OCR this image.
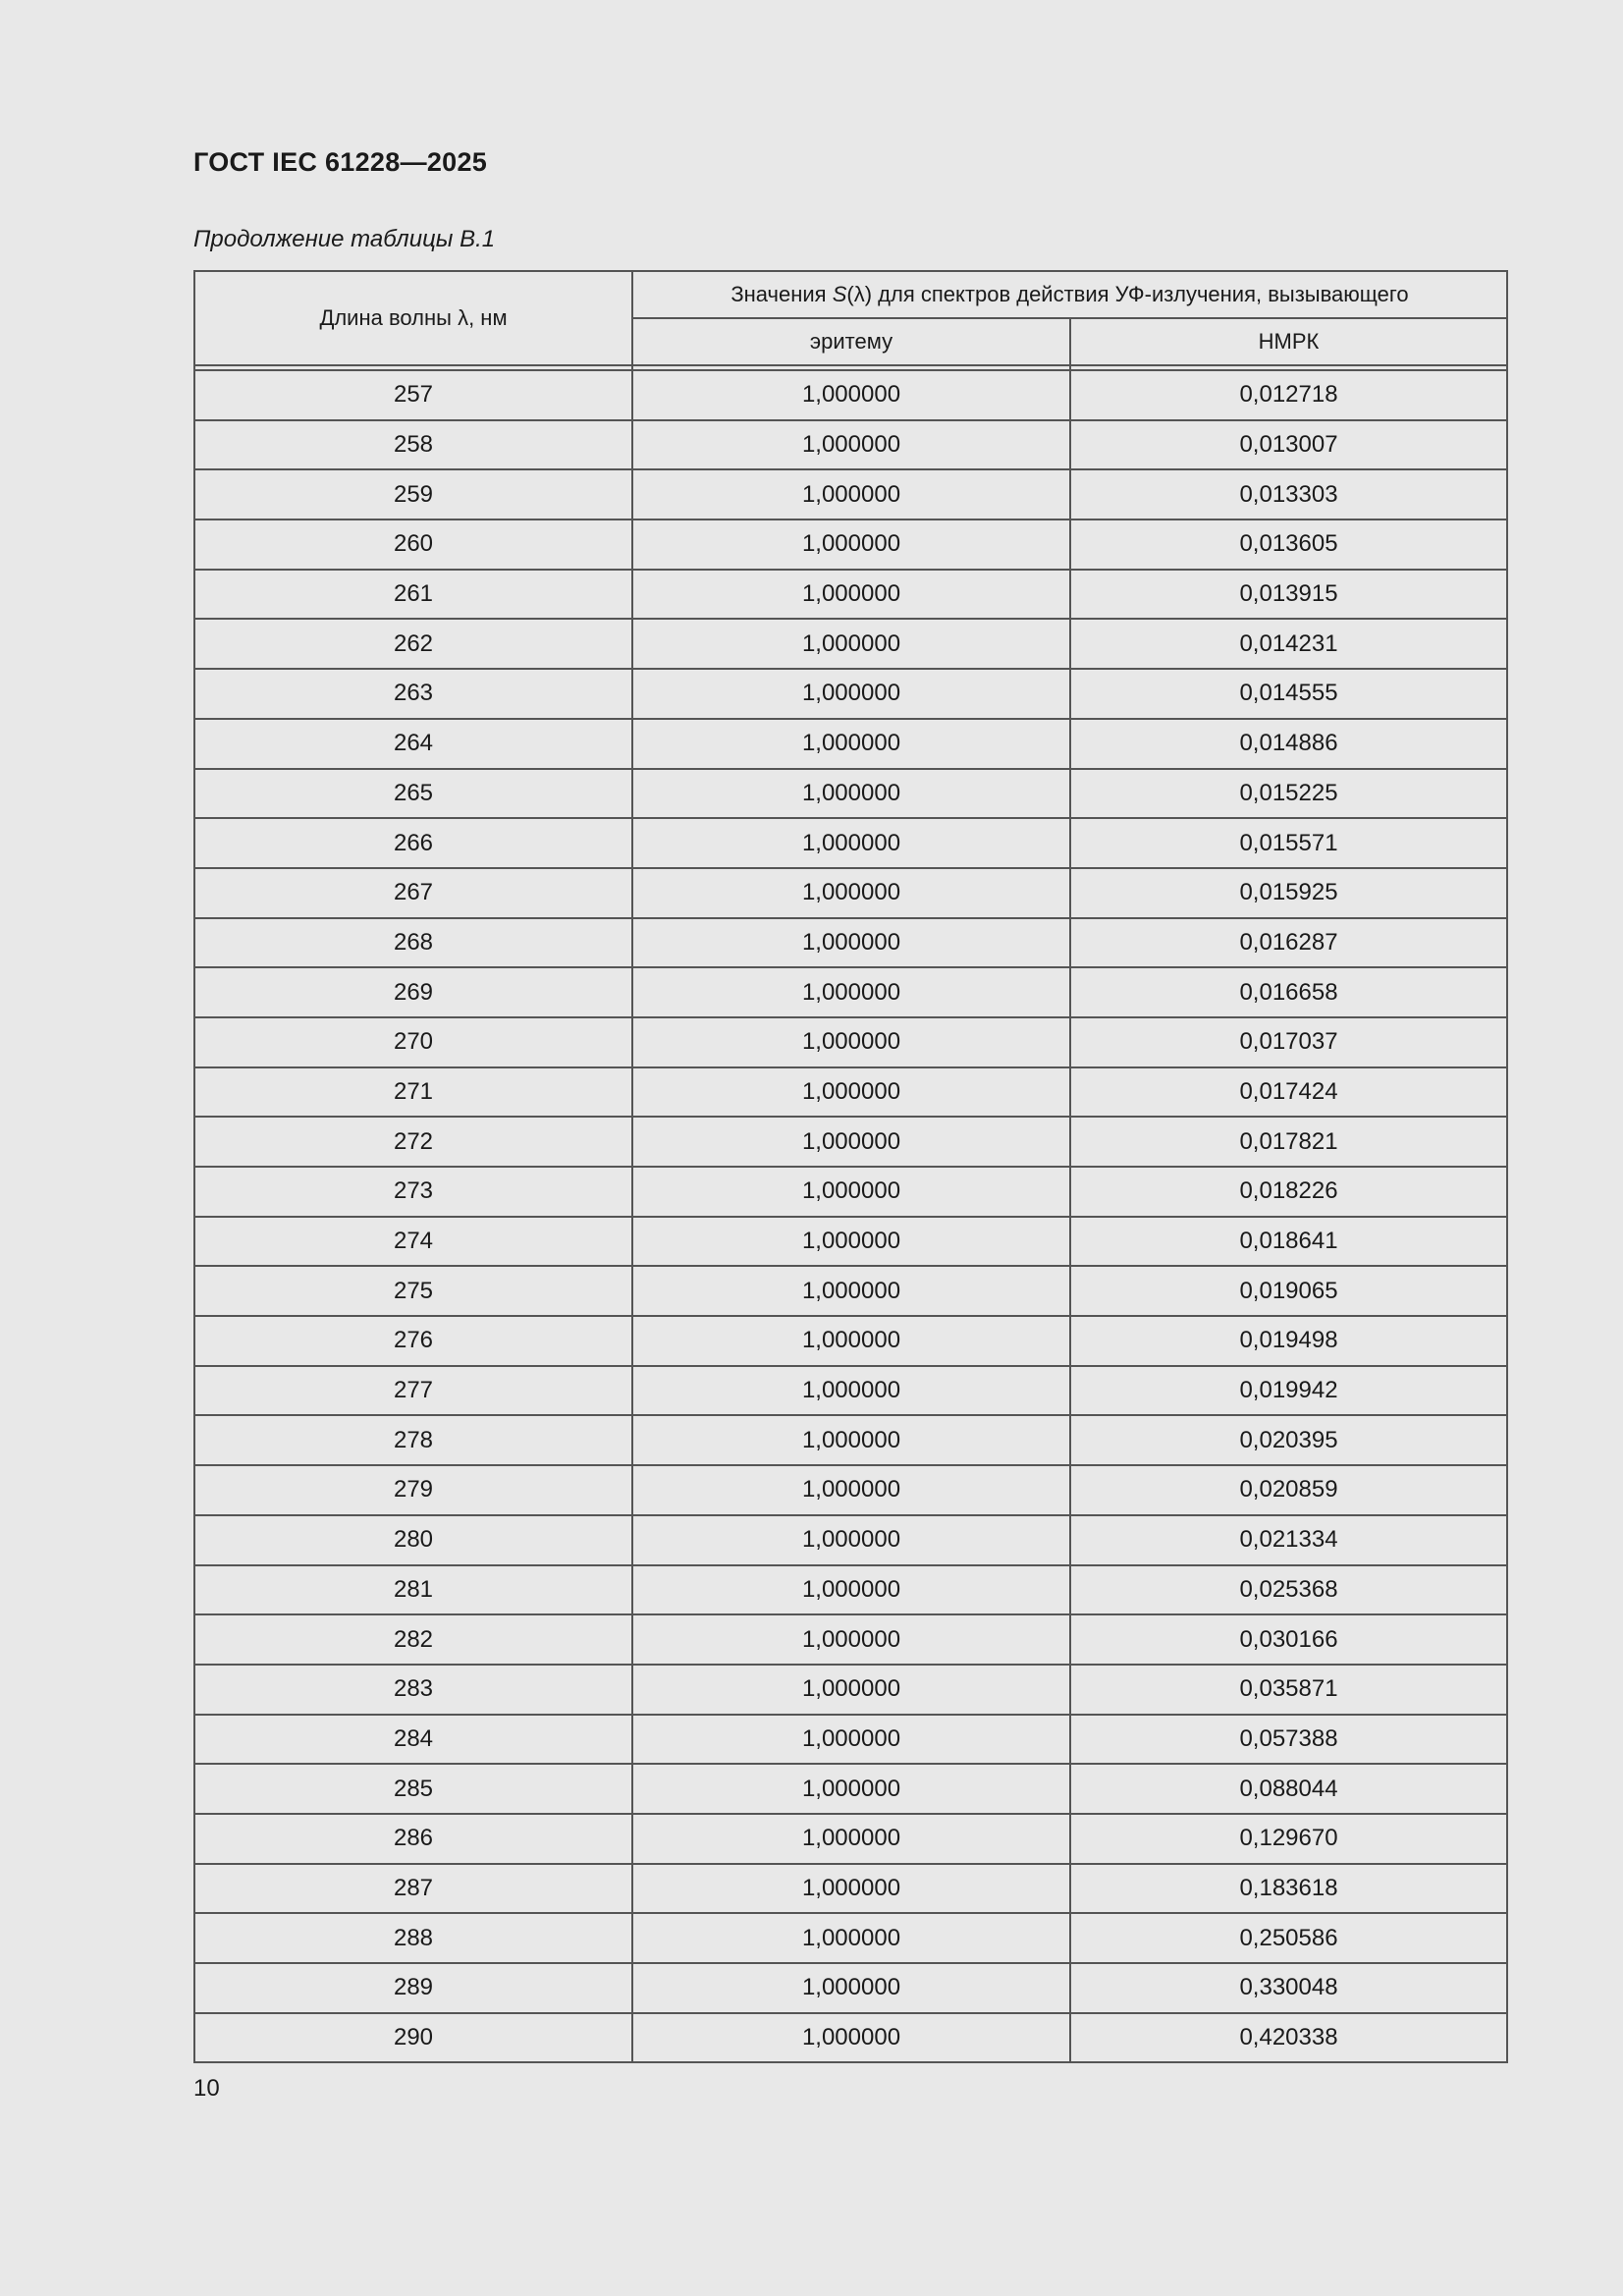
ГОСТ IEC 61228—2025
Продолжение таблицы В.1
Длина волны λ, нм	Значения S(λ) для спектров действия УФ-излучения, вызывающего	
	эритему	НМРК

257	1,000000	0,012718
258	1,000000	0,013007
259	1,000000	0,013303
260	1,000000	0,013605
261	1,000000	0,013915
262	1,000000	0,014231
263	1,000000	0,014555
264	1,000000	0,014886
265	1,000000	0,015225
266	1,000000	0,015571
267	1,000000	0,015925
268	1,000000	0,016287
269	1,000000	0,016658
270	1,000000	0,017037
271	1,000000	0,017424
272	1,000000	0,017821
273	1,000000	0,018226
274	1,000000	0,018641
275	1,000000	0,019065
276	1,000000	0,019498
277	1,000000	0,019942
278	1,000000	0,020395
279	1,000000	0,020859
280	1,000000	0,021334
281	1,000000	0,025368
282	1,000000	0,030166
283	1,000000	0,035871
284	1,000000	0,057388
285	1,000000	0,088044
286	1,000000	0,129670
287	1,000000	0,183618
288	1,000000	0,250586
289	1,000000	0,330048
290	1,000000	0,420338
10
